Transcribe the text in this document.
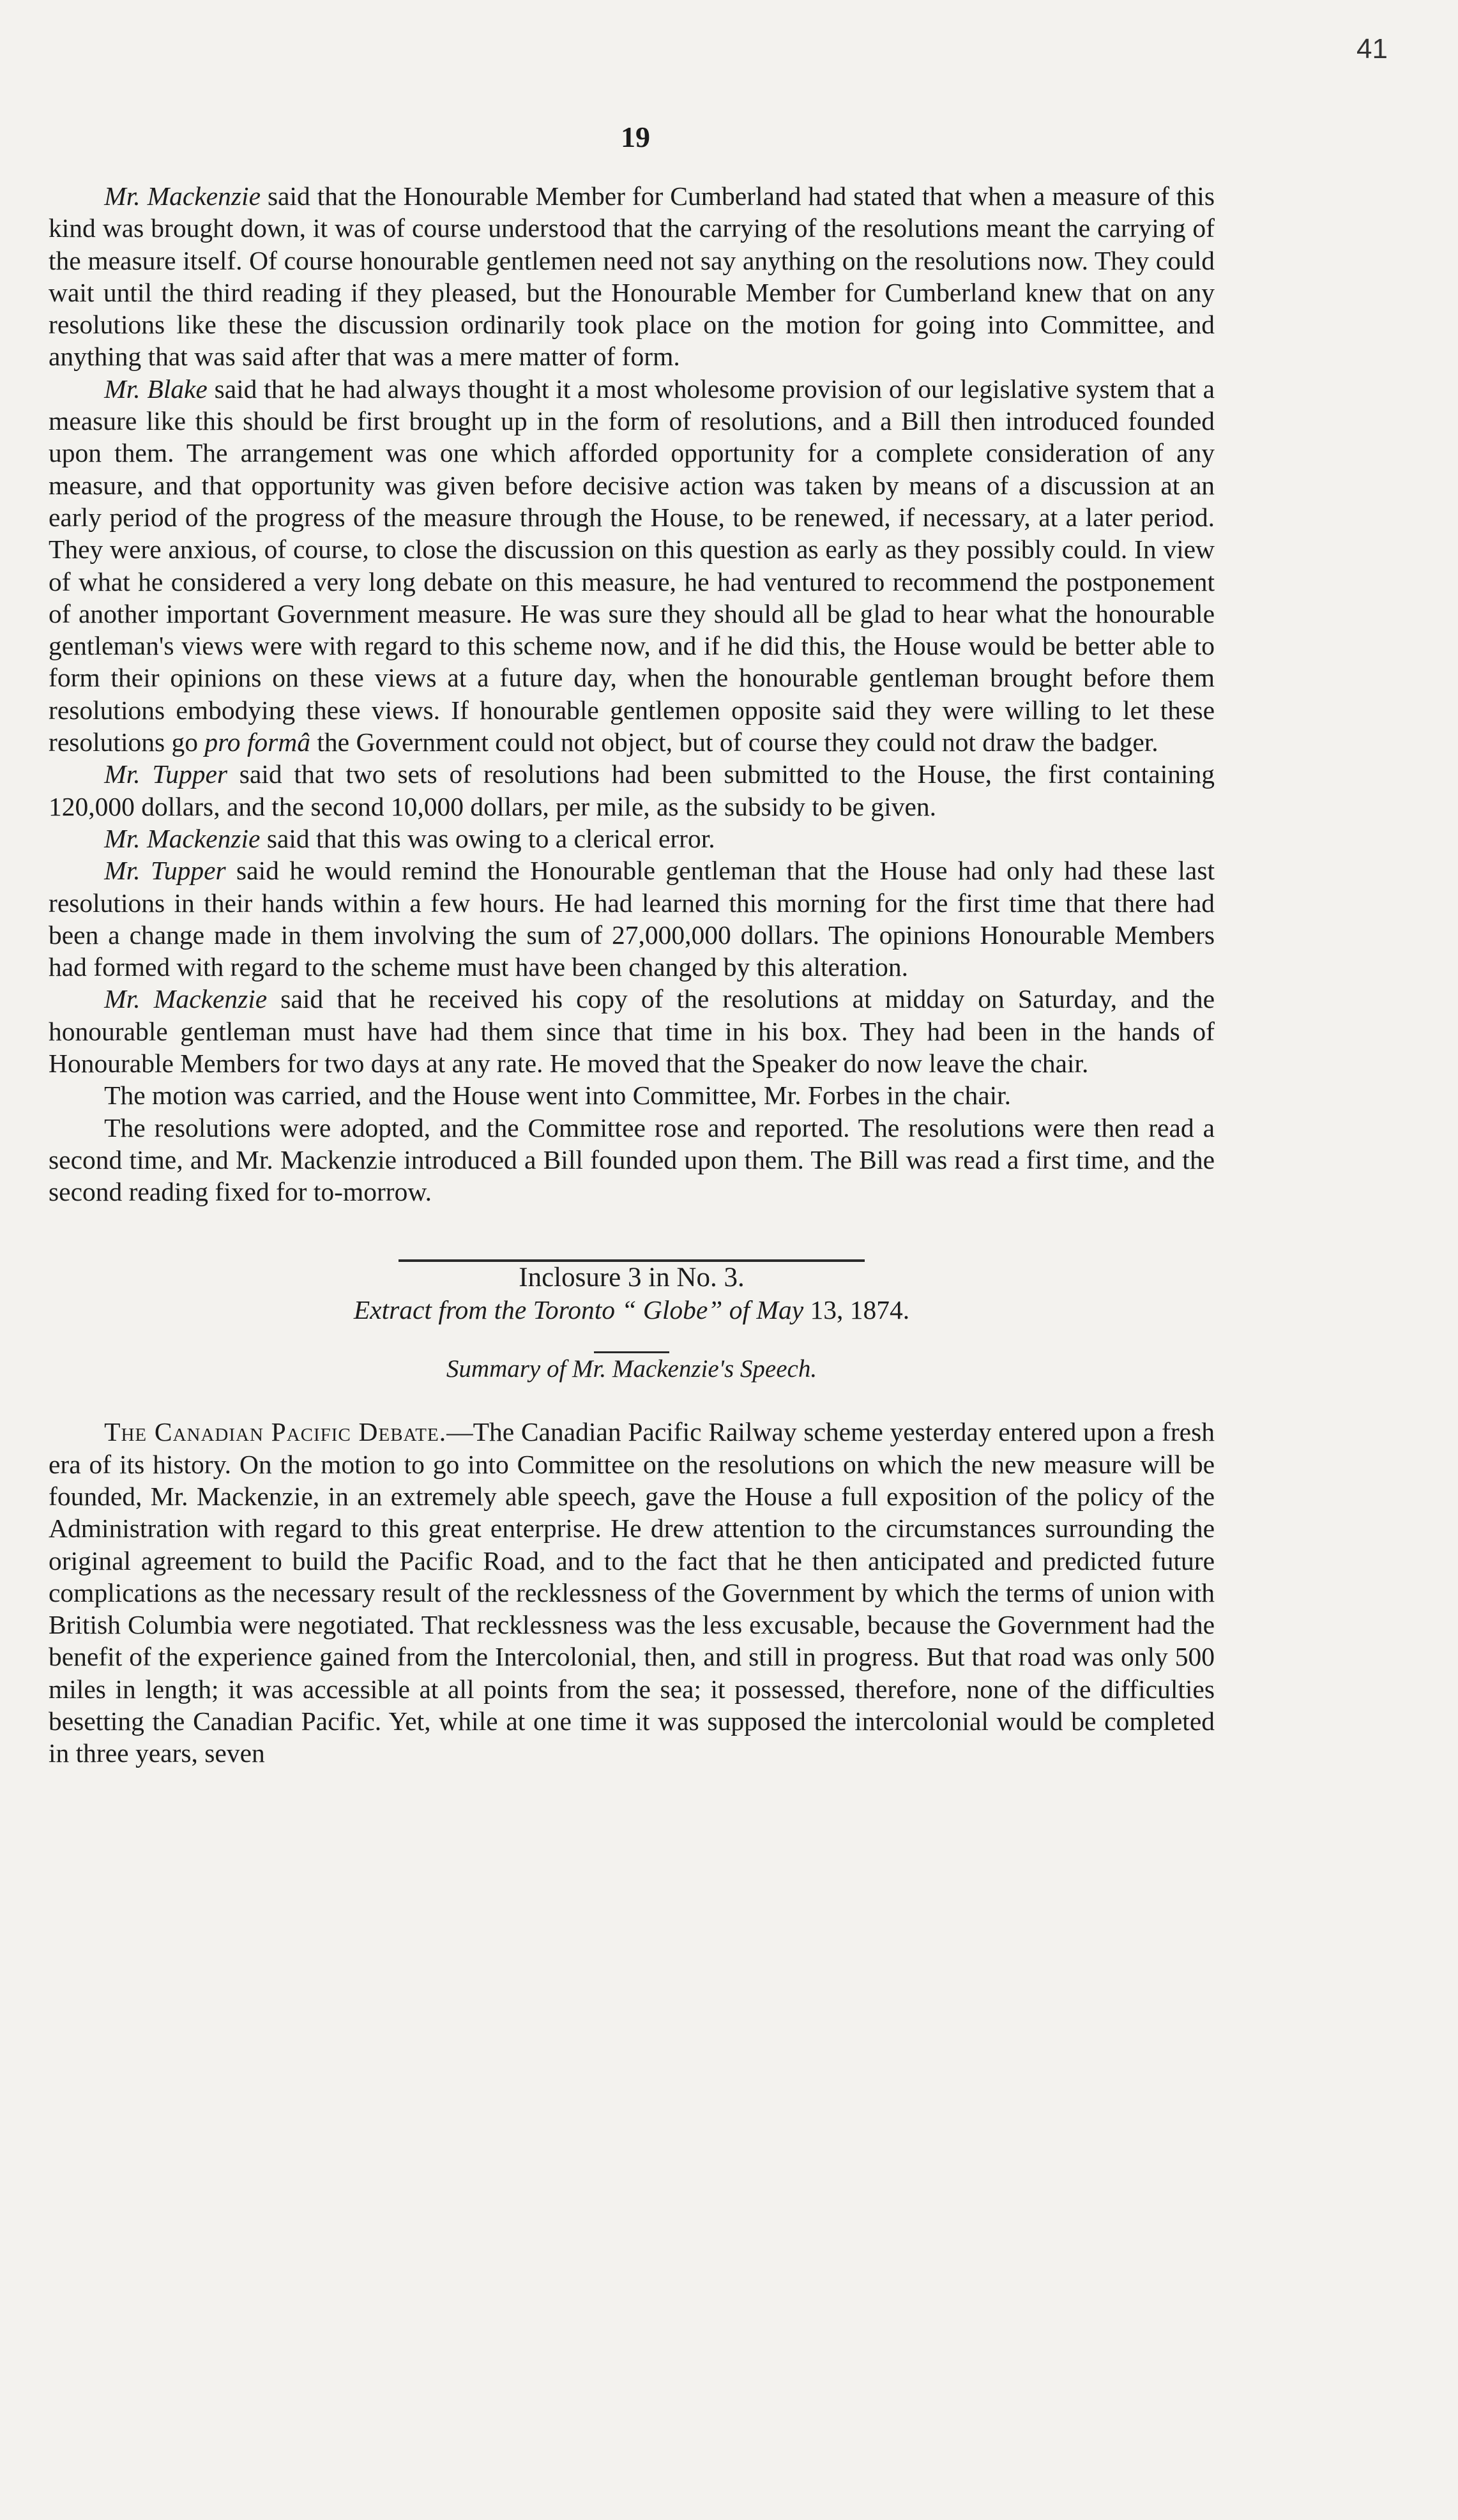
41
19

Mr. Mackenzie said that the Honourable Member for Cumberland had stated that when a measure of this kind was brought down, it was of course understood that the carrying of the resolutions meant the carrying of the measure itself. Of course honourable gentlemen need not say anything on the resolutions now. They could wait until the third reading if they pleased, but the Honourable Member for Cumberland knew that on any resolutions like these the discussion ordinarily took place on the motion for going into Committee, and anything that was said after that was a mere matter of form.

Mr. Blake said that he had always thought it a most wholesome provision of our legislative system that a measure like this should be first brought up in the form of resolutions, and a Bill then introduced founded upon them. The arrangement was one which afforded opportunity for a complete consideration of any measure, and that opportunity was given before decisive action was taken by means of a discussion at an early period of the progress of the measure through the House, to be renewed, if necessary, at a later period. They were anxious, of course, to close the discussion on this question as early as they possibly could. In view of what he considered a very long debate on this measure, he had ventured to recommend the postponement of another important Government measure. He was sure they should all be glad to hear what the honourable gentleman's views were with regard to this scheme now, and if he did this, the House would be better able to form their opinions on these views at a future day, when the honourable gentleman brought before them resolutions embodying these views. If honourable gentlemen opposite said they were willing to let these resolutions go pro formâ the Government could not object, but of course they could not draw the badger.

Mr. Tupper said that two sets of resolutions had been submitted to the House, the first containing 120,000 dollars, and the second 10,000 dollars, per mile, as the subsidy to be given.

Mr. Mackenzie said that this was owing to a clerical error.

Mr. Tupper said he would remind the Honourable gentleman that the House had only had these last resolutions in their hands within a few hours. He had learned this morning for the first time that there had been a change made in them involving the sum of 27,000,000 dollars. The opinions Honourable Members had formed with regard to the scheme must have been changed by this alteration.

Mr. Mackenzie said that he received his copy of the resolutions at midday on Saturday, and the honourable gentleman must have had them since that time in his box. They had been in the hands of Honourable Members for two days at any rate. He moved that the Speaker do now leave the chair.

The motion was carried, and the House went into Committee, Mr. Forbes in the chair.

The resolutions were adopted, and the Committee rose and reported. The resolutions were then read a second time, and Mr. Mackenzie introduced a Bill founded upon them. The Bill was read a first time, and the second reading fixed for to-morrow.

Inclosure 3 in No. 3.

Extract from the Toronto “ Globe” of May 13, 1874.

Summary of Mr. Mackenzie's Speech.

The Canadian Pacific Debate.—The Canadian Pacific Railway scheme yesterday entered upon a fresh era of its history. On the motion to go into Committee on the resolutions on which the new measure will be founded, Mr. Mackenzie, in an extremely able speech, gave the House a full exposition of the policy of the Administration with regard to this great enterprise. He drew attention to the circumstances surrounding the original agreement to build the Pacific Road, and to the fact that he then anticipated and predicted future complications as the necessary result of the recklessness of the Government by which the terms of union with British Columbia were negotiated. That recklessness was the less excusable, because the Government had the benefit of the experience gained from the Intercolonial, then, and still in progress. But that road was only 500 miles in length; it was accessible at all points from the sea; it possessed, therefore, none of the difficulties besetting the Canadian Pacific. Yet, while at one time it was supposed the intercolonial would be completed in three years, seven
